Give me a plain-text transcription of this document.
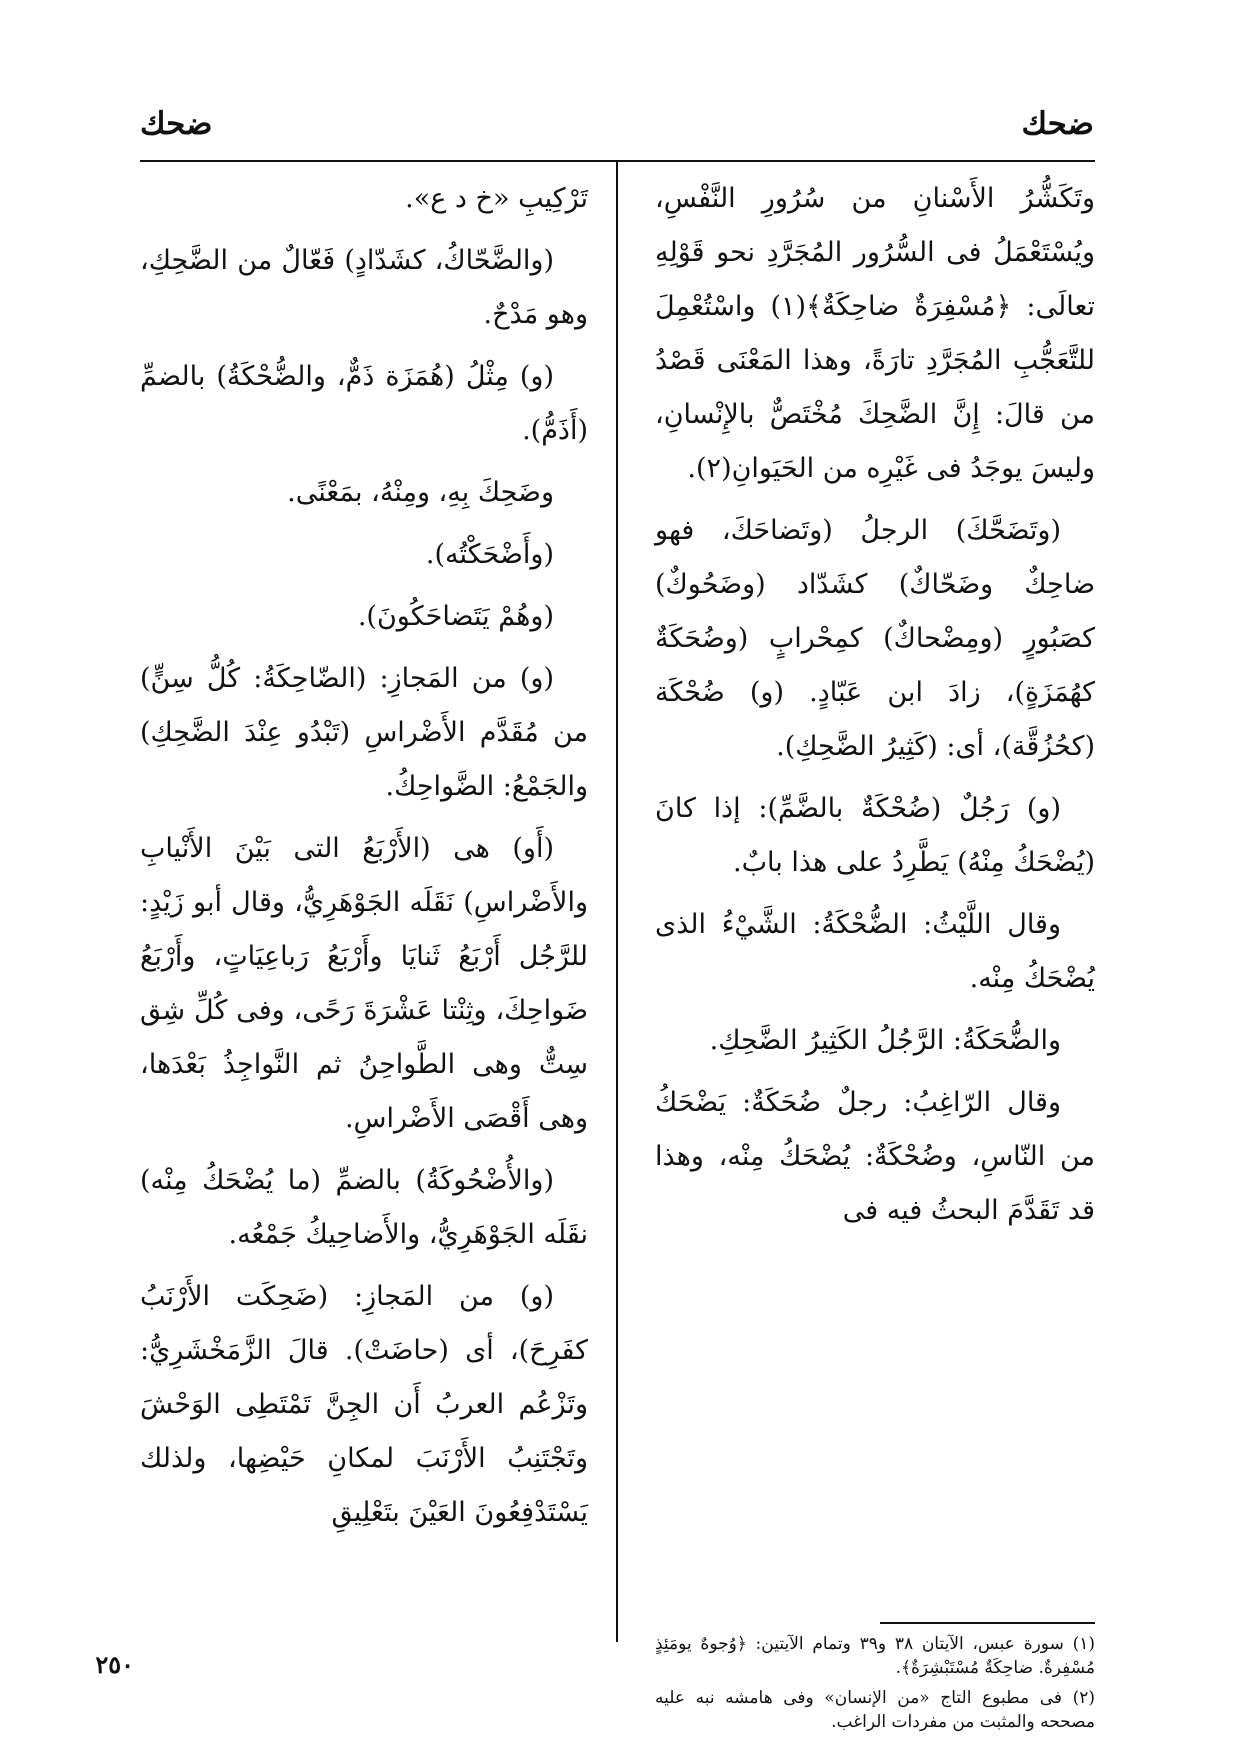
ضحك
ضحك

وتَكَشُّرُ الأَسْنانِ من سُرُورِ النَّفْسِ، ويُسْتَعْمَلُ فى السُّرُور المُجَرَّدِ نحو قَوْلِهِ تعالَى: ﴿مُسْفِرَةٌ ضاحِكَةٌ﴾(١) واسْتُعْمِلَ للتَّعَجُّبِ المُجَرَّدِ تارَةً، وهذا المَعْنَى قَصْدُ من قالَ: إِنَّ الضَّحِكَ مُخْتَصٌّ بالإِنْسانِ، وليسَ يوجَدُ فى غَيْرِه من الحَيَوانِ(٢).

(وتَضَحَّكَ) الرجلُ (وتَضاحَكَ، فهو ضاحِكٌ وضَحّاكٌ) كشَدّاد (وضَحُوكٌ) كصَبُورٍ (ومِضْحاكٌ) كمِحْرابٍ (وضُحَكَةٌ كهُمَزَةٍ)، زادَ ابن عَبّادٍ. (و) ضُحْكَة (كحُزُقَّة)، أى: (كَثِيرُ الضَّحِكِ).

(و) رَجُلٌ (ضُحْكَةٌ بالضَّمِّ): إذا كانَ (يُضْحَكُ مِنْهُ) يَطَّرِدُ على هذا بابٌ.

وقال اللَّيْثُ: الضُّحْكَةُ: الشَّيْءُ الذى يُضْحَكُ مِنْه.

والضُّحَكَةُ: الرَّجُلُ الكَثِيرُ الضَّحِكِ.

وقال الرّاغِبُ: رجلٌ ضُحَكَةٌ: يَضْحَكُ من النّاسِ، وضُحْكَةٌ: يُضْحَكُ مِنْه، وهذا قد تَقَدَّمَ البحثُ فيه فى

تَرْكِيبِ «خ د ع».

(والضَّحّاكُ، كشَدّادٍ) فَعّالٌ من الضَّحِكِ، وهو مَدْحٌ.

(و) مِثْلُ (هُمَزَة ذَمٌّ، والضُّحْكَةُ) بالضمِّ (أَذَمُّ).

وضَحِكَ بِهِ، ومِنْهُ، بمَعْنًى.

(وأَضْحَكْتُه).

(وهُمْ يَتَضاحَكُونَ).

(و) من المَجازِ: (الضّاحِكَةُ: كُلُّ سِنٍّ) من مُقَدَّم الأَضْراسِ (تَبْدُو عِنْدَ الضَّحِكِ) والجَمْعُ: الضَّواحِكُ.

(أَو) هى (الأَرْبَعُ التى بَيْنَ الأَنْيابِ والأَضْراسِ) نَقَلَه الجَوْهَرِيُّ، وقال أبو زَيْدٍ: للرَّجُل أَرْبَعُ ثَنايَا وأَرْبَعُ رَباعِيَاتٍ، وأَرْبَعُ ضَواحِكَ، وثِنْتا عَشْرَةَ رَحًى، وفى كُلِّ شِق سِتٌّ وهى الطَّواحِنُ ثم النَّواجِذُ بَعْدَها، وهى أَقْصَى الأَضْراسِ.

(والأُضْحُوكَةُ) بالضمِّ (ما يُضْحَكُ مِنْه) نقَلَه الجَوْهَرِيُّ، والأَضاحِيكُ جَمْعُه.

(و) من المَجازِ: (ضَحِكَت الأَرْنَبُ كفَرِحَ)، أى (حاضَتْ). قالَ الزَّمَخْشَرِيُّ: وتَزْعُم العربُ أَن الجِنَّ تَمْتَطِى الوَحْشَ وتَجْتَنِبُ الأَرْنَبَ لمكانِ حَيْضِها، ولذلك يَسْتَدْفِعُونَ العَيْنَ بتَعْلِيقِ

(١) سورة عبس، الآيتان ٣٨ و٣٩ وتمام الآيتين: ﴿وُجوهٌ يومَئِذٍ مُسْفِرةٌ. ضاحِكَةٌ مُسْتَبْشِرَةٌ﴾.

(٢) فى مطبوع التاج «من الإنسان» وفى هامشه نبه عليه مصححه والمثبت من مفردات الراغب.

٢٥٠
